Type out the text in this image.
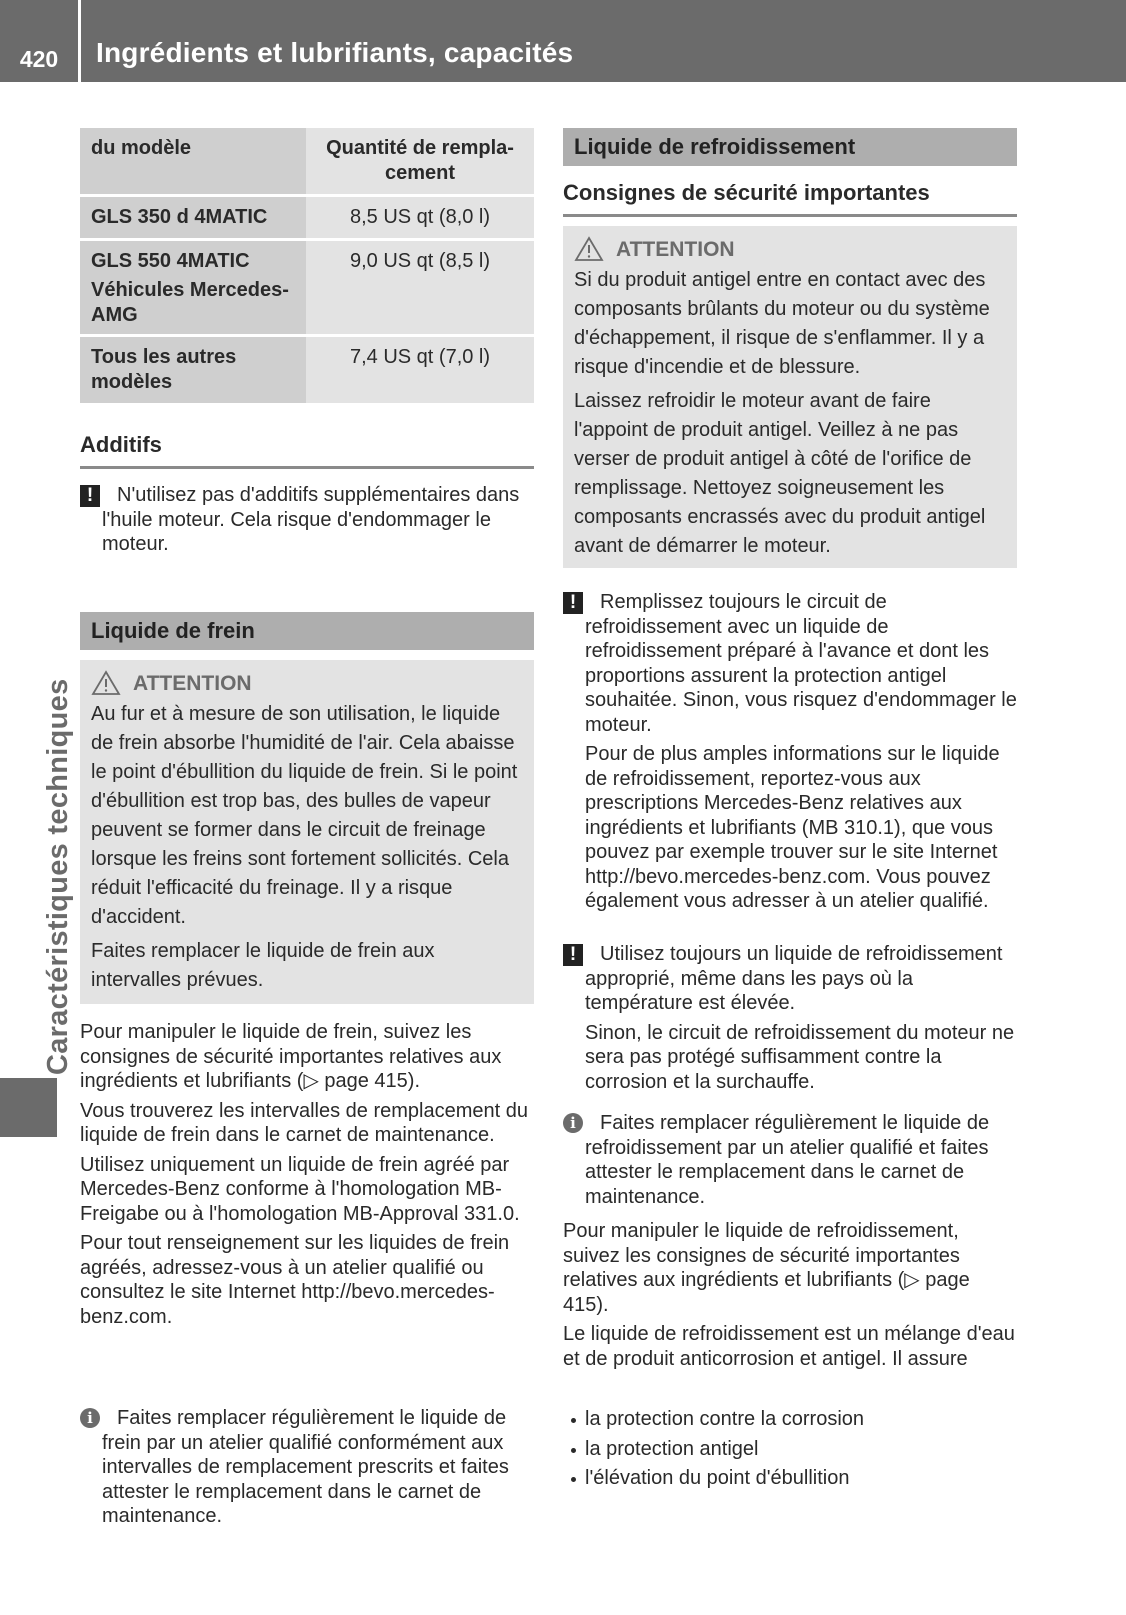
420	Ingrédients et lubrifiants, capacités
Caractéristiques techniques
du modèle	Quantité de rempla-
cement
GLS 350 d 4MATIC	8,5 US qt (8,0 l)

GLS 550 4MATIC
Véhicules Mercedes-AMG	9,0 US qt (8,5 l)
Tous les autres modèles	7,4 US qt (7,0 l)
Additifs
!	N'utilisez pas d'additifs supplémentaires dans l'huile moteur. Cela risque d'endommager le moteur.

Liquide de frein
ATTENTION

Au fur et à mesure de son utilisation, le liquide de frein absorbe l'humidité de l'air. Cela abaisse le point d'ébullition du liquide de frein. Si le point d'ébullition est trop bas, des bulles de vapeur peuvent se former dans le circuit de freinage lorsque les freins sont fortement sollicités. Cela réduit l'efficacité du freinage. Il y a risque d'accident.

Faites remplacer le liquide de frein aux intervalles prévues.

Pour manipuler le liquide de frein, suivez les consignes de sécurité importantes relatives aux ingrédients et lubrifiants (▷ page 415).

Vous trouverez les intervalles de remplacement du liquide de frein dans le carnet de maintenance.

Utilisez uniquement un liquide de frein agréé par Mercedes-Benz conforme à l'homologation MB-Freigabe ou à l'homologation MB-Approval 331.0.

Pour tout renseignement sur les liquides de frein agréés, adressez-vous à un atelier qualifié ou consultez le site Internet http://bevo.mercedes-benz.com.

i	Faites remplacer régulièrement le liquide de frein par un atelier qualifié conformément aux intervalles de remplacement prescrits et faites attester le remplacement dans le carnet de maintenance.

Liquide de refroidissement
Consignes de sécurité importantes
ATTENTION

Si du produit antigel entre en contact avec des composants brûlants du moteur ou du système d'échappement, il risque de s'enflammer. Il y a risque d'incendie et de blessure.

Laissez refroidir le moteur avant de faire l'appoint de produit antigel. Veillez à ne pas verser de produit antigel à côté de l'orifice de remplissage. Nettoyez soigneusement les composants encrassés avec du produit antigel avant de démarrer le moteur.

!	Remplissez toujours le circuit de refroidissement avec un liquide de refroidissement préparé à l'avance et dont les proportions assurent la protection antigel souhaitée. Sinon, vous risquez d'endommager le moteur.

Pour de plus amples informations sur le liquide de refroidissement, reportez-vous aux prescriptions Mercedes-Benz relatives aux ingrédients et lubrifiants (MB 310.1), que vous pouvez par exemple trouver sur le site Internet http://bevo.mercedes-benz.com. Vous pouvez également vous adresser à un atelier qualifié.

!	Utilisez toujours un liquide de refroidissement approprié, même dans les pays où la température est élevée.

Sinon, le circuit de refroidissement du moteur ne sera pas protégé suffisamment contre la corrosion et la surchauffe.

i	Faites remplacer régulièrement le liquide de refroidissement par un atelier qualifié et faites attester le remplacement dans le carnet de maintenance.

Pour manipuler le liquide de refroidissement, suivez les consignes de sécurité importantes relatives aux ingrédients et lubrifiants (▷ page 415).

Le liquide de refroidissement est un mélange d'eau et de produit anticorrosion et antigel. Il assure

la protection contre la corrosion
la protection antigel
l'élévation du point d'ébullition
